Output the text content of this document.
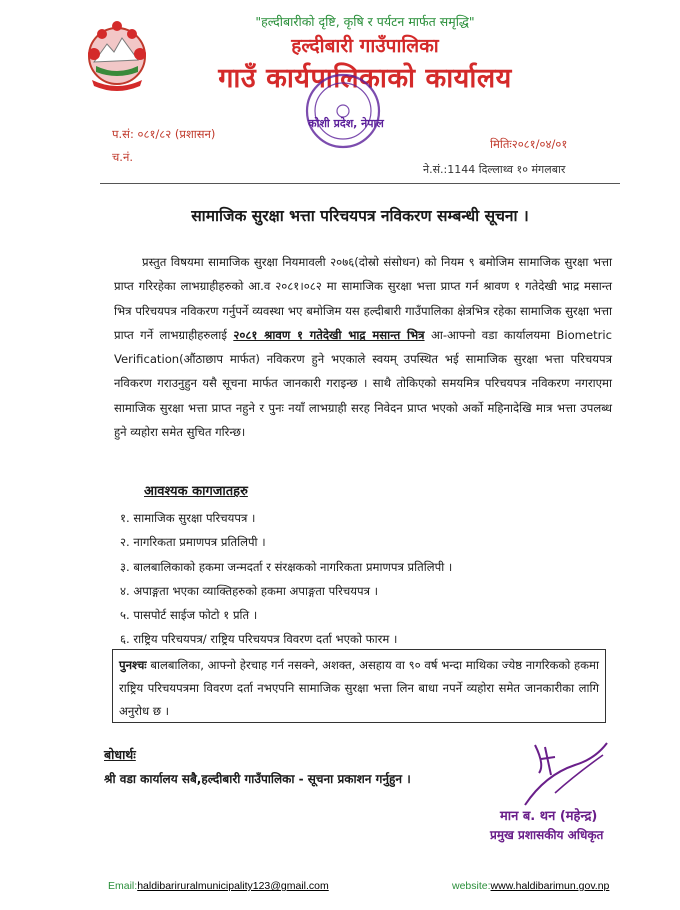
"हल्दीबारीको दृष्टि, कृषि र पर्यटन मार्फत समृद्धि"
हल्दीबारी गाउँपालिका
गाउँ कार्यपालिकाको कार्यालय
कोशी प्रदेश, नेपाल
प.सं: ०८१/८२ (प्रशासन)
च.नं.
मितिः२०८१/०४/०१
ने.सं.:1144 दिल्लाथ्व १० मंगलबार
सामाजिक सुरक्षा भत्ता परिचयपत्र नविकरण सम्बन्धी सूचना ।

प्रस्तुत विषयमा सामाजिक सुरक्षा नियमावली २०७६(दोस्रो संसोधन) को नियम ९ बमोजिम सामाजिक सुरक्षा भत्ता प्राप्त गरिरहेका लाभग्राहीहरुको आ.व २०८१।०८२ मा सामाजिक सुरक्षा भत्ता प्राप्त गर्न श्रावण १ गतेदेखी भाद्र मसान्त भित्र परिचयपत्र नविकरण गर्नुपर्ने व्यवस्था भए बमोजिम यस हल्दीबारी गाउँपालिका क्षेत्रभित्र रहेका सामाजिक सुरक्षा भत्ता प्राप्त गर्ने लाभग्राहीहरुलाई २०८१ श्रावण १ गतेदेखी भाद्र मसान्त भित्र आ-आफ्नो वडा कार्यालयमा Biometric Verification(औंठाछाप मार्फत) नविकरण हुने भएकाले स्वयम् उपस्थित भई सामाजिक सुरक्षा भत्ता परिचयपत्र नविकरण गराउनुहुन यसै सूचना मार्फत जानकारी गराइन्छ । साथै तोकिएको समयमित्र परिचयपत्र नविकरण नगराएमा सामाजिक सुरक्षा भत्ता प्राप्त नहुने र पुनः नयाँ लाभग्राही सरह निवेदन प्राप्त भएको अर्को महिनादेखि मात्र भत्ता उपलब्ध हुने व्यहोरा समेत सुचित गरिन्छ।

आवश्यक कागजातहरु
१. सामाजिक सुरक्षा परिचयपत्र ।
२. नागरिकता प्रमाणपत्र प्रतिलिपी ।
३. बालबालिकाको हकमा जन्मदर्ता र संरक्षकको नागरिकता प्रमाणपत्र प्रतिलिपी ।
४. अपाङ्गता भएका व्याक्तिहरुको हकमा अपाङ्गता परिचयपत्र ।
५. पासपोर्ट साईज फोटो १ प्रति ।
६. राष्ट्रिय परिचयपत्र/ राष्ट्रिय परिचयपत्र विवरण दर्ता भएको फारम ।
पुनश्चः बालबालिका, आफ्नो हेरचाह गर्न नसक्ने, अशक्त, असहाय वा ९० वर्ष भन्दा माथिका ज्येष्ठ नागरिकको हकमा राष्ट्रिय परिचयपत्रमा विवरण दर्ता नभएपनि सामाजिक सुरक्षा भत्ता लिन बाधा नपर्ने व्यहोरा समेत जानकारीका लागि अनुरोध छ ।
बोधार्थः
श्री वडा कार्यालय सबै,हल्दीबारी गाउँपालिका - सूचना प्रकाशन गर्नुहुन ।
मान ब. थन (महेन्द्र)
प्रमुख प्रशासकीय अधिकृत
Email:haldibariruralmunicipality123@gmail.com	website:www.haldibarimun.gov.np
